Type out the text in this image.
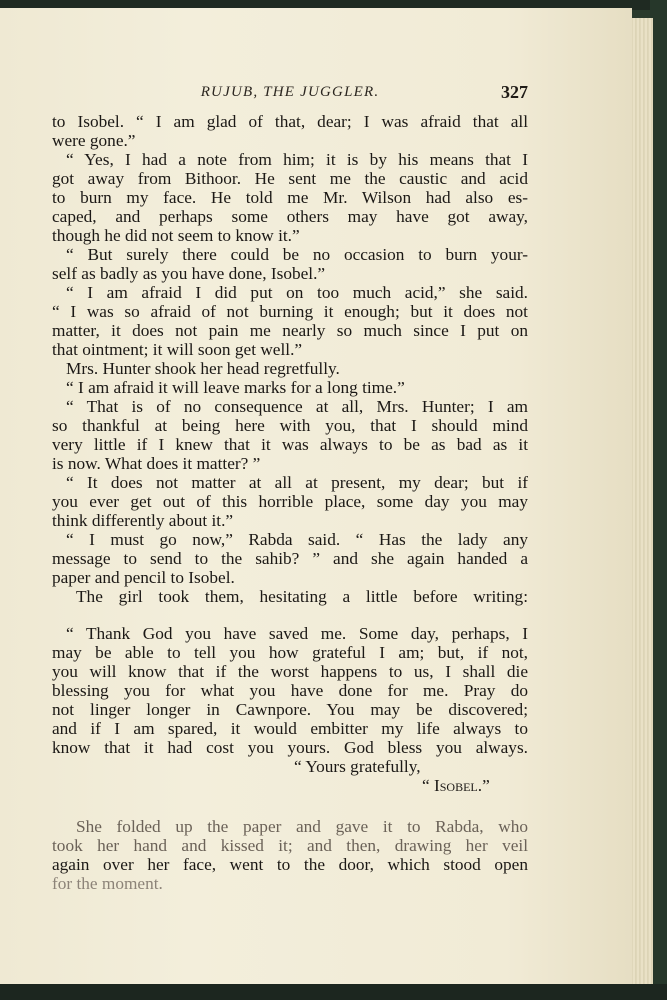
RUJUB, THE JUGGLER.	327
to Isobel. “ I am glad of that, dear; I was afraid that all
were gone.”
“ Yes, I had a note from him; it is by his means that I
got away from Bithoor. He sent me the caustic and acid
to burn my face. He told me Mr. Wilson had also es-
caped, and perhaps some others may have got away,
though he did not seem to know it.”
“ But surely there could be no occasion to burn your-
self as badly as you have done, Isobel.”
“ I am afraid I did put on too much acid,” she said.
“ I was so afraid of not burning it enough; but it does not
matter, it does not pain me nearly so much since I put on
that ointment; it will soon get well.”
Mrs. Hunter shook her head regretfully.
“ I am afraid it will leave marks for a long time.”
“ That is of no consequence at all, Mrs. Hunter; I am
so thankful at being here with you, that I should mind
very little if I knew that it was always to be as bad as it
is now. What does it matter? ”
“ It does not matter at all at present, my dear; but if
you ever get out of this horrible place, some day you may
think differently about it.”
“ I must go now,” Rabda said. “ Has the lady any
message to send to the sahib? ” and she again handed a
paper and pencil to Isobel.
The girl took them, hesitating a little before writing:
“ Thank God you have saved me. Some day, perhaps, I
may be able to tell you how grateful I am; but, if not,
you will know that if the worst happens to us, I shall die
blessing you for what you have done for me. Pray do
not linger longer in Cawnpore. You may be discovered;
and if I am spared, it would embitter my life always to
know that it had cost you yours. God bless you always.
“ Yours gratefully,
“ Isobel.”
She folded up the paper and gave it to Rabda, who
took her hand and kissed it; and then, drawing her veil
again over her face, went to the door, which stood open
for the moment.
